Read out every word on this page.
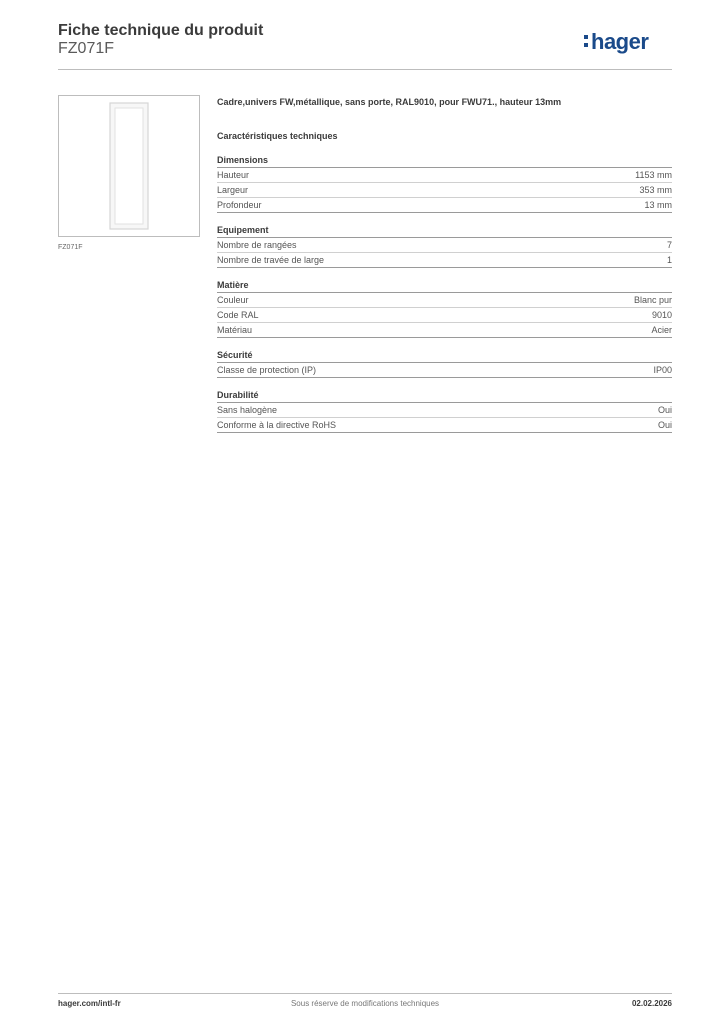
Fiche technique du produit
FZ071F	hager
FZ071F
Cadre,univers FW,métallique, sans porte, RAL9010, pour FWU71., hauteur 13mm
Caractéristiques techniques
Dimensions
Hauteur	1153 mm
Largeur	353 mm
Profondeur	13 mm
Equipement
Nombre de rangées	7
Nombre de travée de large	1
Matière
Couleur	Blanc pur
Code RAL	9010
Matériau	Acier
Sécurité
Classe de protection (IP)	IP00
Durabilité
Sans halogène	Oui
Conforme à la directive RoHS	Oui
hager.com/intl-fr	Sous réserve de modifications techniques	02.02.2026
